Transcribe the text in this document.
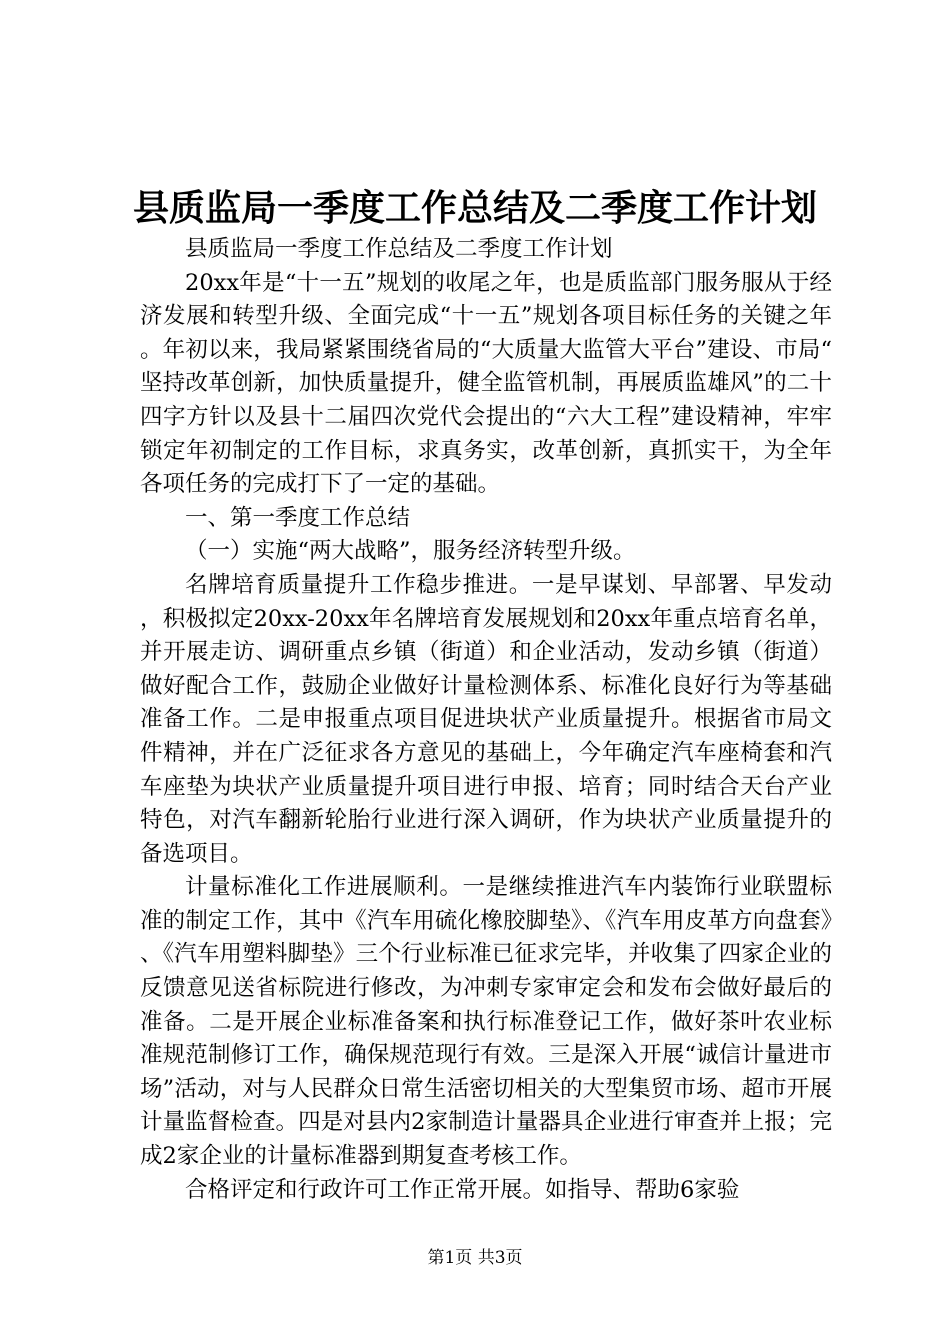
县质监局一季度工作总结及二季度工作计划

县质监局一季度工作总结及二季度工作计划

20xx年是“十一五”规划的收尾之年，也是质监部门服务服从于经济发展和转型升级、全面完成“十一五”规划各项目标任务的关键之年。年初以来，我局紧紧围绕省局的“大质量大监管大平台”建设、市局“坚持改革创新，加快质量提升，健全监管机制，再展质监雄风”的二十四字方针以及县十二届四次党代会提出的“六大工程”建设精神，牢牢锁定年初制定的工作目标，求真务实，改革创新，真抓实干，为全年各项任务的完成打下了一定的基础。

一、第一季度工作总结

（一）实施“两大战略”，服务经济转型升级。

名牌培育质量提升工作稳步推进。一是早谋划、早部署、早发动，积极拟定20xx-20xx年名牌培育发展规划和20xx年重点培育名单，并开展走访、调研重点乡镇（街道）和企业活动，发动乡镇（街道）做好配合工作，鼓励企业做好计量检测体系、标准化良好行为等基础准备工作。二是申报重点项目促进块状产业质量提升。根据省市局文件精神，并在广泛征求各方意见的基础上，今年确定汽车座椅套和汽车座垫为块状产业质量提升项目进行申报、培育；同时结合天台产业特色，对汽车翻新轮胎行业进行深入调研，作为块状产业质量提升的备选项目。

计量标准化工作进展顺利。一是继续推进汽车内装饰行业联盟标准的制定工作，其中《汽车用硫化橡胶脚垫》、《汽车用皮革方向盘套》、《汽车用塑料脚垫》三个行业标准已征求完毕，并收集了四家企业的反馈意见送省标院进行修改，为冲刺专家审定会和发布会做好最后的准备。二是开展企业标准备案和执行标准登记工作，做好茶叶农业标准规范制修订工作，确保规范现行有效。三是深入开展“诚信计量进市场”活动，对与人民群众日常生活密切相关的大型集贸市场、超市开展计量监督检查。四是对县内2家制造计量器具企业进行审查并上报；完成2家企业的计量标准器到期复查考核工作。

合格评定和行政许可工作正常开展。如指导、帮助6家验

第1页 共3页
